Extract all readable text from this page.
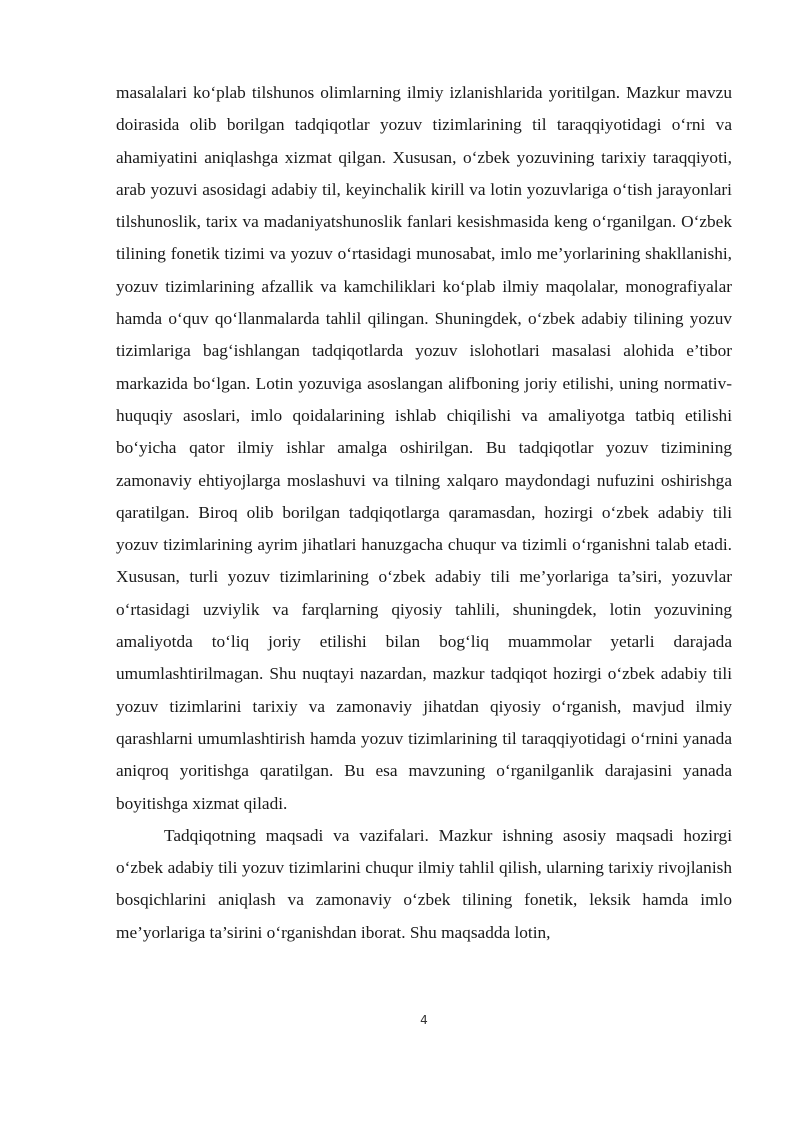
masalalari ko‘plab tilshunos olimlarning ilmiy izlanishlarida yoritilgan. Mazkur mavzu doirasida olib borilgan tadqiqotlar yozuv tizimlarining til taraqqiyotidagi o‘rni va ahamiyatini aniqlashga xizmat qilgan. Xususan, o‘zbek yozuvining tarixiy taraqqiyoti, arab yozuvi asosidagi adabiy til, keyinchalik kirill va lotin yozuvlariga o‘tish jarayonlari tilshunoslik, tarix va madaniyatshunoslik fanlari kesishmasida keng o‘rganilgan. O‘zbek tilining fonetik tizimi va yozuv o‘rtasidagi munosabat, imlo me’yorlarining shakllanishi, yozuv tizimlarining afzallik va kamchiliklari ko‘plab ilmiy maqolalar, monografiyalar hamda o‘quv qo‘llanmalarda tahlil qilingan. Shuningdek, o‘zbek adabiy tilining yozuv tizimlariga bag‘ishlangan tadqiqotlarda yozuv islohotlari masalasi alohida e’tibor markazida bo‘lgan. Lotin yozuviga asoslangan alifboning joriy etilishi, uning normativ-huquqiy asoslari, imlo qoidalarining ishlab chiqilishi va amaliyotga tatbiq etilishi bo‘yicha qator ilmiy ishlar amalga oshirilgan. Bu tadqiqotlar yozuv tizimining zamonaviy ehtiyojlarga moslashuvi va tilning xalqaro maydondagi nufuzini oshirishga qaratilgan. Biroq olib borilgan tadqiqotlarga qaramasdan, hozirgi o‘zbek adabiy tili yozuv tizimlarining ayrim jihatlari hanuzgacha chuqur va tizimli o‘rganishni talab etadi. Xususan, turli yozuv tizimlarining o‘zbek adabiy tili me’yorlariga ta’siri, yozuvlar o‘rtasidagi uzviylik va farqlarning qiyosiy tahlili, shuningdek, lotin yozuvining amaliyotda to‘liq joriy etilishi bilan bog‘liq muammolar yetarli darajada umumlashtirilmagan. Shu nuqtayi nazardan, mazkur tadqiqot hozirgi o‘zbek adabiy tili yozuv tizimlarini tarixiy va zamonaviy jihatdan qiyosiy o‘rganish, mavjud ilmiy qarashlarni umumlashtirish hamda yozuv tizimlarining til taraqqiyotidagi o‘rnini yanada aniqroq yoritishga qaratilgan. Bu esa mavzuning o‘rganilganlik darajasini yanada boyitishga xizmat qiladi.

Tadqiqotning maqsadi va vazifalari. Mazkur ishning asosiy maqsadi hozirgi o‘zbek adabiy tili yozuv tizimlarini chuqur ilmiy tahlil qilish, ularning tarixiy rivojlanish bosqichlarini aniqlash va zamonaviy o‘zbek tilining fonetik, leksik hamda imlo me’yorlariga ta’sirini o‘rganishdan iborat. Shu maqsadda lotin,

4
